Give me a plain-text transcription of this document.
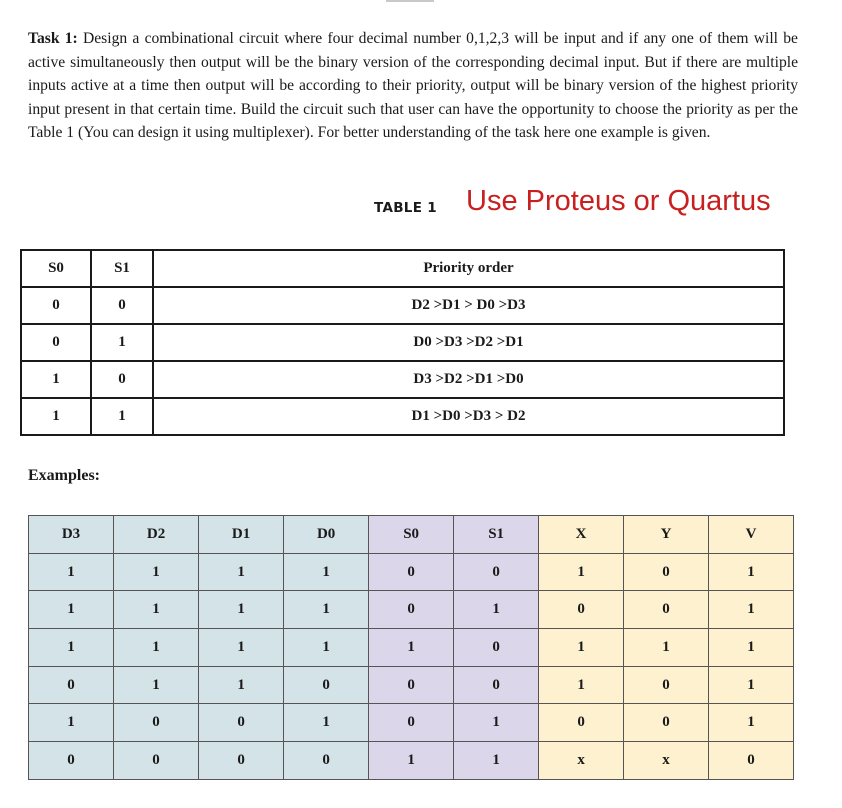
Task 1: Design a combinational circuit where four decimal number 0,1,2,3 will be input and if any one of them will be active simultaneously then output will be the binary version of the corresponding decimal input. But if there are multiple inputs active at a time then output will be according to their priority, output will be binary version of the highest priority input present in that certain time. Build the circuit such that user can have the opportunity to choose the priority as per the Table 1 (You can design it using multiplexer). For better understanding of the task here one example is given.

TABLE 1 Use Proteus or Quartus
S0	S1	Priority order
0	0	D2 >D1 > D0 >D3
0	1	D0 >D3 >D2 >D1
1	0	D3 >D2 >D1 >D0
1	1	D1 >D0 >D3 > D2
Examples:
D3	D2	D1	D0	S0	S1	X	Y	V
1	1	1	1	0	0	1	0	1
1	1	1	1	0	1	0	0	1
1	1	1	1	1	0	1	1	1
0	1	1	0	0	0	1	0	1
1	0	0	1	0	1	0	0	1
0	0	0	0	1	1	x	x	0
